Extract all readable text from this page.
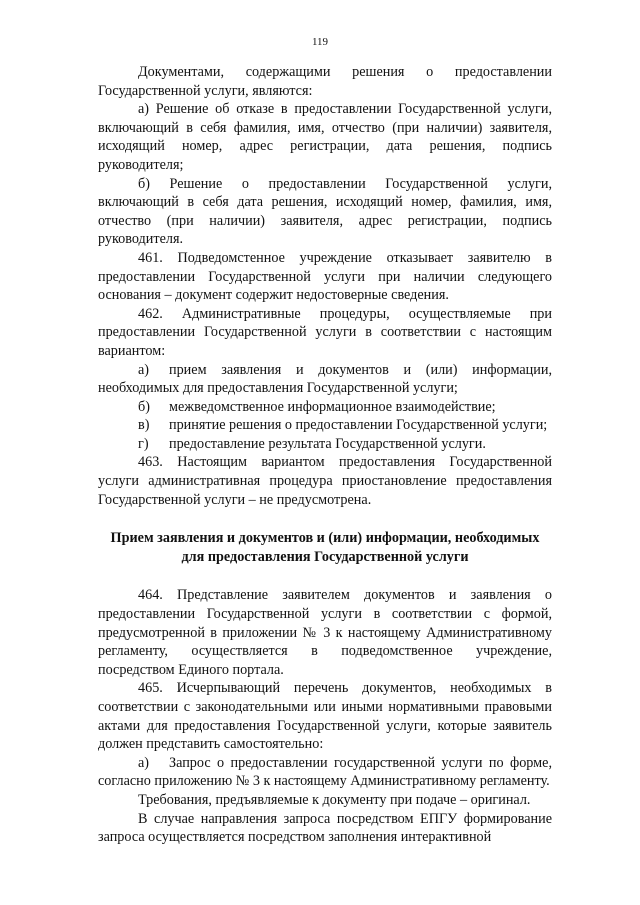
119

Документами, содержащими решения о предоставлении Государственной услуги, являются:

а) Решение об отказе в предоставлении Государственной услуги, включающий в себя фамилия, имя, отчество (при наличии) заявителя, исходящий номер, адрес регистрации, дата решения, подпись руководителя;

б) Решение о предоставлении Государственной услуги, включающий в себя дата решения, исходящий номер, фамилия, имя, отчество (при наличии) заявителя, адрес регистрации, подпись руководителя.

461. Подведомстенное учреждение отказывает заявителю в предоставлении Государственной услуги при наличии следующего основания – документ содержит недостоверные сведения.

462. Административные процедуры, осуществляемые при предоставлении Государственной услуги в соответствии с настоящим вариантом:

а) прием заявления и документов и (или) информации, необходимых для предоставления Государственной услуги;

б) межведомственное информационное взаимодействие;

в) принятие решения о предоставлении Государственной услуги;

г) предоставление результата Государственной услуги.

463. Настоящим вариантом предоставления Государственной услуги административная процедура приостановление предоставления Государственной услуги – не предусмотрена.

Прием заявления и документов и (или) информации, необходимых для предоставления Государственной услуги

464. Представление заявителем документов и заявления о предоставлении Государственной услуги в соответствии с формой, предусмотренной в приложении № 3 к настоящему Административному регламенту, осуществляется в подведомственное учреждение, посредством Единого портала.

465. Исчерпывающий перечень документов, необходимых в соответствии с законодательными или иными нормативными правовыми актами для предоставления Государственной услуги, которые заявитель должен представить самостоятельно:

а) Запрос о предоставлении государственной услуги по форме, согласно приложению № 3 к настоящему Административному регламенту.

Требования, предъявляемые к документу при подаче – оригинал.

В случае направления запроса посредством ЕПГУ формирование запроса осуществляется посредством заполнения интерактивной
